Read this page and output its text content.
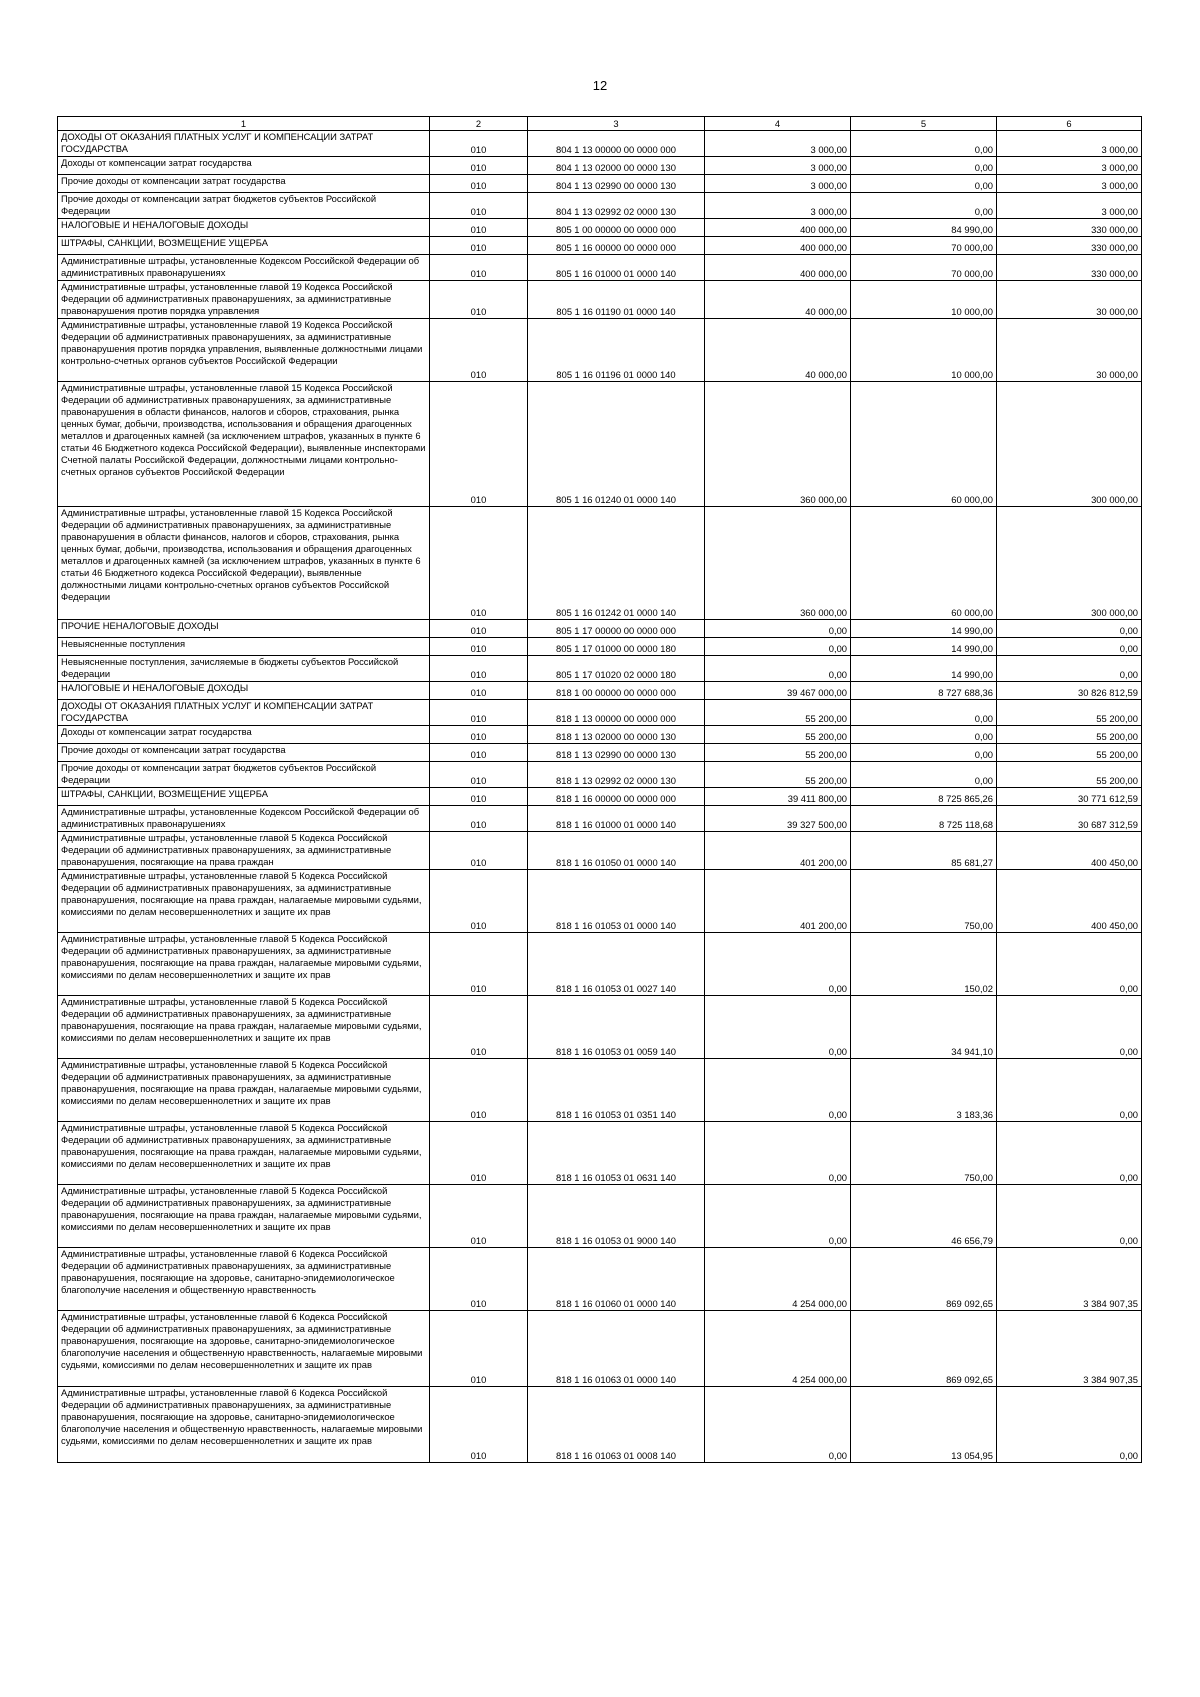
12
1	2	3	4	5	6
ДОХОДЫ ОТ ОКАЗАНИЯ ПЛАТНЫХ УСЛУГ И КОМПЕНСАЦИИ ЗАТРАТ ГОСУДАРСТВА	010	804 1 13 00000 00 0000 000	3 000,00	0,00	3 000,00
Доходы от компенсации затрат государства	010	804 1 13 02000 00 0000 130	3 000,00	0,00	3 000,00
Прочие доходы от компенсации затрат государства	010	804 1 13 02990 00 0000 130	3 000,00	0,00	3 000,00
Прочие доходы от компенсации затрат бюджетов субъектов Российской Федерации	010	804 1 13 02992 02 0000 130	3 000,00	0,00	3 000,00
НАЛОГОВЫЕ И НЕНАЛОГОВЫЕ ДОХОДЫ	010	805 1 00 00000 00 0000 000	400 000,00	84 990,00	330 000,00
ШТРАФЫ, САНКЦИИ, ВОЗМЕЩЕНИЕ УЩЕРБА	010	805 1 16 00000 00 0000 000	400 000,00	70 000,00	330 000,00
Административные штрафы, установленные Кодексом Российской Федерации об административных правонарушениях	010	805 1 16 01000 01 0000 140	400 000,00	70 000,00	330 000,00
Административные штрафы, установленные главой 19 Кодекса Российской Федерации об административных правонарушениях, за административные правонарушения против порядка управления	010	805 1 16 01190 01 0000 140	40 000,00	10 000,00	30 000,00
Административные штрафы, установленные главой 19 Кодекса Российской Федерации об административных правонарушениях, за административные правонарушения против порядка управления, выявленные должностными лицами контрольно-счетных органов субъектов Российской Федерации	010	805 1 16 01196 01 0000 140	40 000,00	10 000,00	30 000,00
Административные штрафы, установленные главой 15 Кодекса Российской Федерации об административных правонарушениях, за административные правонарушения в области финансов, налогов и сборов, страхования, рынка ценных бумаг, добычи, производства, использования и обращения драгоценных металлов и драгоценных камней (за исключением штрафов, указанных в пункте 6 статьи 46 Бюджетного кодекса Российской Федерации), выявленные инспекторами Счетной палаты Российской Федерации, должностными лицами контрольно-счетных органов субъектов Российской Федерации	010	805 1 16 01240 01 0000 140	360 000,00	60 000,00	300 000,00
Административные штрафы, установленные главой 15 Кодекса Российской Федерации об административных правонарушениях, за административные правонарушения в области финансов, налогов и сборов, страхования, рынка ценных бумаг, добычи, производства, использования и обращения драгоценных металлов и драгоценных камней (за исключением штрафов, указанных в пункте 6 статьи 46 Бюджетного кодекса Российской Федерации), выявленные должностными лицами контрольно-счетных органов субъектов Российской Федерации	010	805 1 16 01242 01 0000 140	360 000,00	60 000,00	300 000,00
ПРОЧИЕ НЕНАЛОГОВЫЕ ДОХОДЫ	010	805 1 17 00000 00 0000 000	0,00	14 990,00	0,00
Невыясненные поступления	010	805 1 17 01000 00 0000 180	0,00	14 990,00	0,00
Невыясненные поступления, зачисляемые в бюджеты субъектов Российской Федерации	010	805 1 17 01020 02 0000 180	0,00	14 990,00	0,00
НАЛОГОВЫЕ И НЕНАЛОГОВЫЕ ДОХОДЫ	010	818 1 00 00000 00 0000 000	39 467 000,00	8 727 688,36	30 826 812,59
ДОХОДЫ ОТ ОКАЗАНИЯ ПЛАТНЫХ УСЛУГ И КОМПЕНСАЦИИ ЗАТРАТ ГОСУДАРСТВА	010	818 1 13 00000 00 0000 000	55 200,00	0,00	55 200,00
Доходы от компенсации затрат государства	010	818 1 13 02000 00 0000 130	55 200,00	0,00	55 200,00
Прочие доходы от компенсации затрат государства	010	818 1 13 02990 00 0000 130	55 200,00	0,00	55 200,00
Прочие доходы от компенсации затрат бюджетов субъектов Российской Федерации	010	818 1 13 02992 02 0000 130	55 200,00	0,00	55 200,00
ШТРАФЫ, САНКЦИИ, ВОЗМЕЩЕНИЕ УЩЕРБА	010	818 1 16 00000 00 0000 000	39 411 800,00	8 725 865,26	30 771 612,59
Административные штрафы, установленные Кодексом Российской Федерации об административных правонарушениях	010	818 1 16 01000 01 0000 140	39 327 500,00	8 725 118,68	30 687 312,59
Административные штрафы, установленные главой 5 Кодекса Российской Федерации об административных правонарушениях, за административные правонарушения, посягающие на права граждан	010	818 1 16 01050 01 0000 140	401 200,00	85 681,27	400 450,00
Административные штрафы, установленные главой 5 Кодекса Российской Федерации об административных правонарушениях, за административные правонарушения, посягающие на права граждан, налагаемые мировыми судьями, комиссиями по делам несовершеннолетних и защите их прав	010	818 1 16 01053 01 0000 140	401 200,00	750,00	400 450,00
Административные штрафы, установленные главой 5 Кодекса Российской Федерации об административных правонарушениях, за административные правонарушения, посягающие на права граждан, налагаемые мировыми судьями, комиссиями по делам несовершеннолетних и защите их прав	010	818 1 16 01053 01 0027 140	0,00	150,02	0,00
Административные штрафы, установленные главой 5 Кодекса Российской Федерации об административных правонарушениях, за административные правонарушения, посягающие на права граждан, налагаемые мировыми судьями, комиссиями по делам несовершеннолетних и защите их прав	010	818 1 16 01053 01 0059 140	0,00	34 941,10	0,00
Административные штрафы, установленные главой 5 Кодекса Российской Федерации об административных правонарушениях, за административные правонарушения, посягающие на права граждан, налагаемые мировыми судьями, комиссиями по делам несовершеннолетних и защите их прав	010	818 1 16 01053 01 0351 140	0,00	3 183,36	0,00
Административные штрафы, установленные главой 5 Кодекса Российской Федерации об административных правонарушениях, за административные правонарушения, посягающие на права граждан, налагаемые мировыми судьями, комиссиями по делам несовершеннолетних и защите их прав	010	818 1 16 01053 01 0631 140	0,00	750,00	0,00
Административные штрафы, установленные главой 5 Кодекса Российской Федерации об административных правонарушениях, за административные правонарушения, посягающие на права граждан, налагаемые мировыми судьями, комиссиями по делам несовершеннолетних и защите их прав	010	818 1 16 01053 01 9000 140	0,00	46 656,79	0,00
Административные штрафы, установленные главой 6 Кодекса Российской Федерации об административных правонарушениях, за административные правонарушения, посягающие на здоровье, санитарно-эпидемиологическое благополучие населения и общественную нравственность	010	818 1 16 01060 01 0000 140	4 254 000,00	869 092,65	3 384 907,35
Административные штрафы, установленные главой 6 Кодекса Российской Федерации об административных правонарушениях, за административные правонарушения, посягающие на здоровье, санитарно-эпидемиологическое благополучие населения и общественную нравственность, налагаемые мировыми судьями, комиссиями по делам несовершеннолетних и защите их прав	010	818 1 16 01063 01 0000 140	4 254 000,00	869 092,65	3 384 907,35
Административные штрафы, установленные главой 6 Кодекса Российской Федерации об административных правонарушениях, за административные правонарушения, посягающие на здоровье, санитарно-эпидемиологическое благополучие населения и общественную нравственность, налагаемые мировыми судьями, комиссиями по делам несовершеннолетних и защите их прав	010	818 1 16 01063 01 0008 140	0,00	13 054,95	0,00
